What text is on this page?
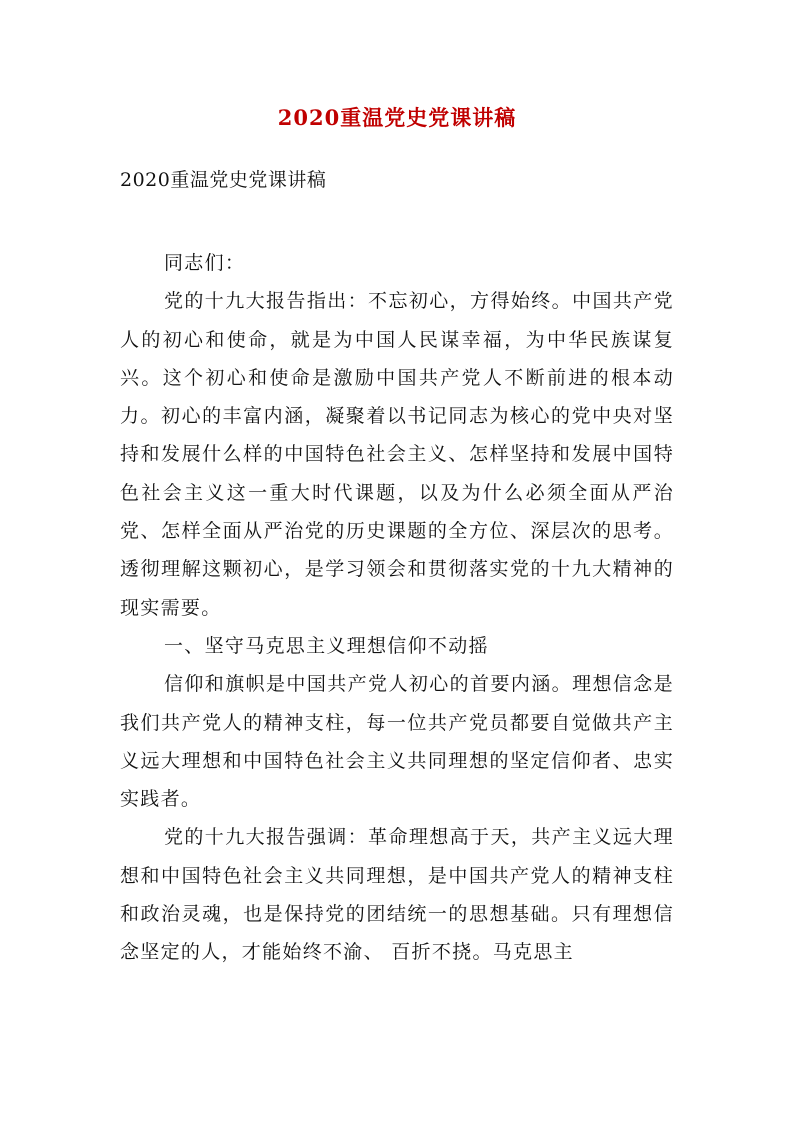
2020重温党史党课讲稿
2020重温党史党课讲稿

同志们：

党的十九大报告指出：不忘初心，方得始终。中国共产党人的初心和使命，就是为中国人民谋幸福，为中华民族谋复兴。这个初心和使命是激励中国共产党人不断前进的根本动力。初心的丰富内涵，凝聚着以书记同志为核心的党中央对坚持和发展什么样的中国特色社会主义、怎样坚持和发展中国特色社会主义这一重大时代课题，以及为什么必须全面从严治党、怎样全面从严治党的历史课题的全方位、深层次的思考。透彻理解这颗初心，是学习领会和贯彻落实党的十九大精神的现实需要。

一、坚守马克思主义理想信仰不动摇

信仰和旗帜是中国共产党人初心的首要内涵。理想信念是我们共产党人的精神支柱，每一位共产党员都要自觉做共产主义远大理想和中国特色社会主义共同理想的坚定信仰者、忠实实践者。

党的十九大报告强调：革命理想高于天，共产主义远大理想和中国特色社会主义共同理想，是中国共产党人的精神支柱和政治灵魂，也是保持党的团结统一的思想基础。只有理想信念坚定的人，才能始终不渝、 百折不挠。马克思主
